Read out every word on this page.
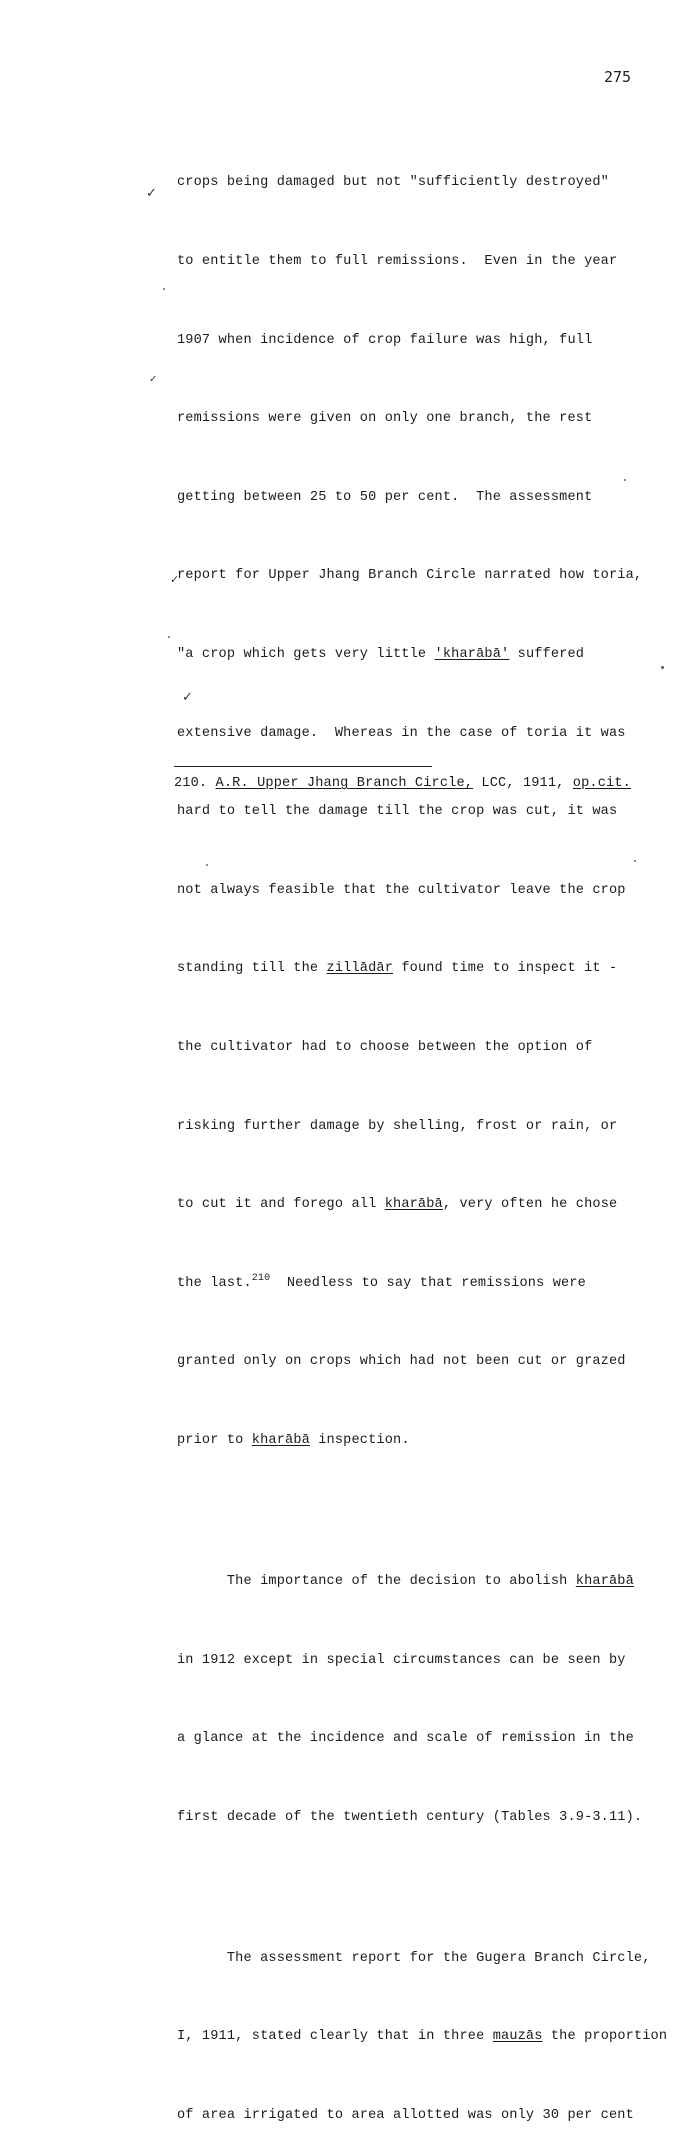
275

crops being damaged but not "sufficiently destroyed"

to entitle them to full remissions.  Even in the year

1907 when incidence of crop failure was high, full

remissions were given on only one branch, the rest

getting between 25 to 50 per cent.  The assessment

report for Upper Jhang Branch Circle narrated how toria,

"a crop which gets very little 'kharābā' suffered

extensive damage.  Whereas in the case of toria it was

hard to tell the damage till the crop was cut, it was

not always feasible that the cultivator leave the crop

standing till the zillādār found time to inspect it -

the cultivator had to choose between the option of

risking further damage by shelling, frost or rain, or

to cut it and forego all kharābā, very often he chose

the last.$^{210}$  Needless to say that remissions were

granted only on crops which had not been cut or grazed

prior to kharābā inspection.

The importance of the decision to abolish kharābā

in 1912 except in special circumstances can be seen by

a glance at the incidence and scale of remission in the

first decade of the twentieth century (Tables 3.9-3.11).

The assessment report for the Gugera Branch Circle,

I, 1911, stated clearly that in three mauzās the proportion

of area irrigated to area allotted was only 30 per cent

210. A.R. Upper Jhang Branch Circle, LCC, 1911, op.cit.
✓
✓
✓
✓
